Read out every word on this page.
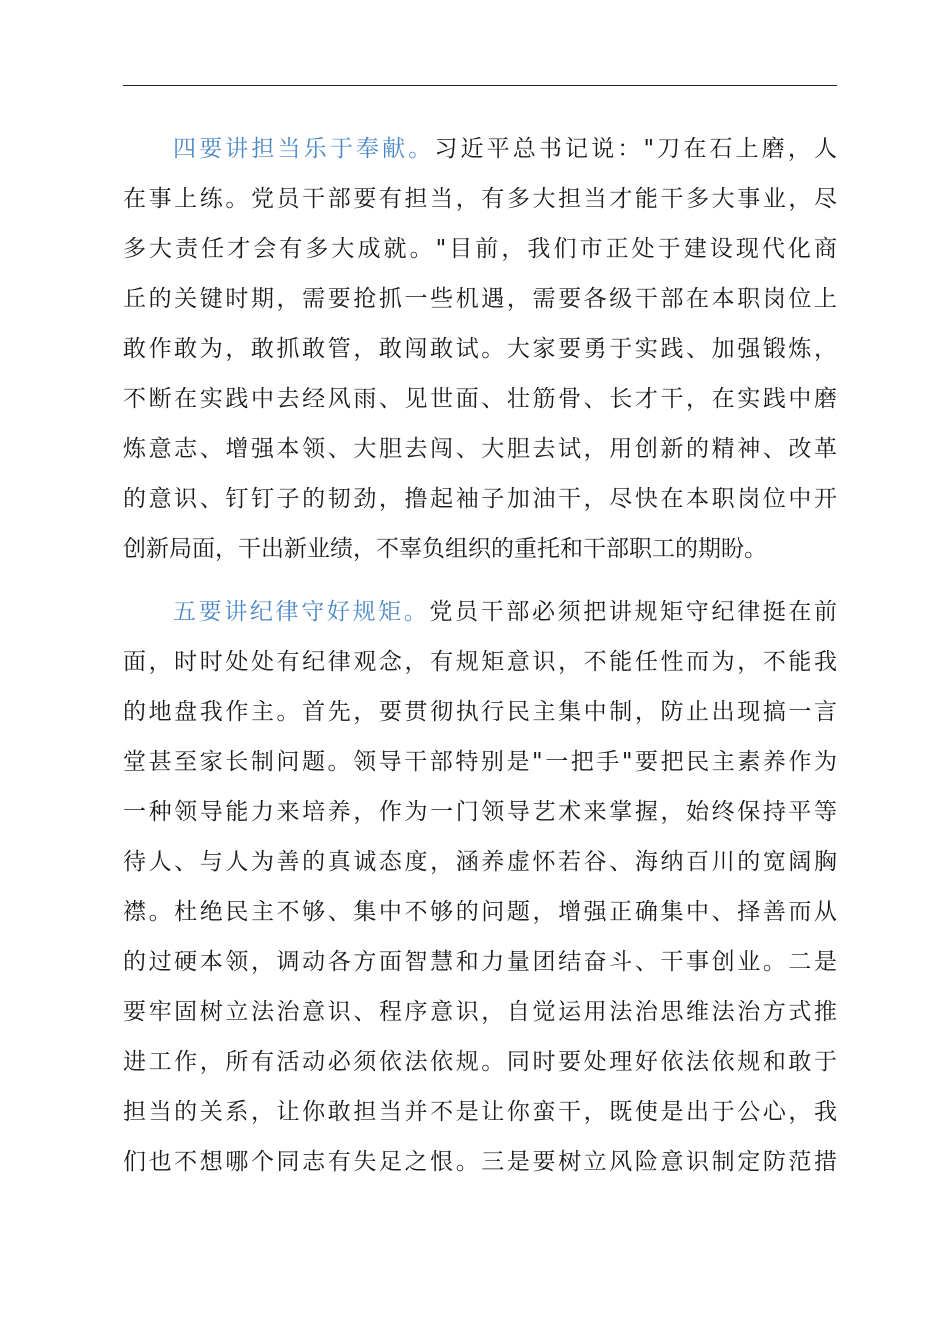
四要讲担当乐于奉献。习近平总书记说："刀在石上磨，人
在事上练。党员干部要有担当，有多大担当才能干多大事业，尽
多大责任才会有多大成就。"目前，我们市正处于建设现代化商
丘的关键时期，需要抢抓一些机遇，需要各级干部在本职岗位上
敢作敢为，敢抓敢管，敢闯敢试。大家要勇于实践、加强锻炼，
不断在实践中去经风雨、见世面、壮筋骨、长才干，在实践中磨
炼意志、增强本领、大胆去闯、大胆去试，用创新的精神、改革
的意识、钉钉子的韧劲，撸起袖子加油干，尽快在本职岗位中开
创新局面，干出新业绩，不辜负组织的重托和干部职工的期盼。
五要讲纪律守好规矩。党员干部必须把讲规矩守纪律挺在前
面，时时处处有纪律观念，有规矩意识，不能任性而为，不能我
的地盘我作主。首先，要贯彻执行民主集中制，防止出现搞一言
堂甚至家长制问题。领导干部特别是"一把手"要把民主素养作为
一种领导能力来培养，作为一门领导艺术来掌握，始终保持平等
待人、与人为善的真诚态度，涵养虚怀若谷、海纳百川的宽阔胸
襟。杜绝民主不够、集中不够的问题，增强正确集中、择善而从
的过硬本领，调动各方面智慧和力量团结奋斗、干事创业。二是
要牢固树立法治意识、程序意识，自觉运用法治思维法治方式推
进工作，所有活动必须依法依规。同时要处理好依法依规和敢于
担当的关系，让你敢担当并不是让你蛮干，既使是出于公心，我
们也不想哪个同志有失足之恨。三是要树立风险意识制定防范措
